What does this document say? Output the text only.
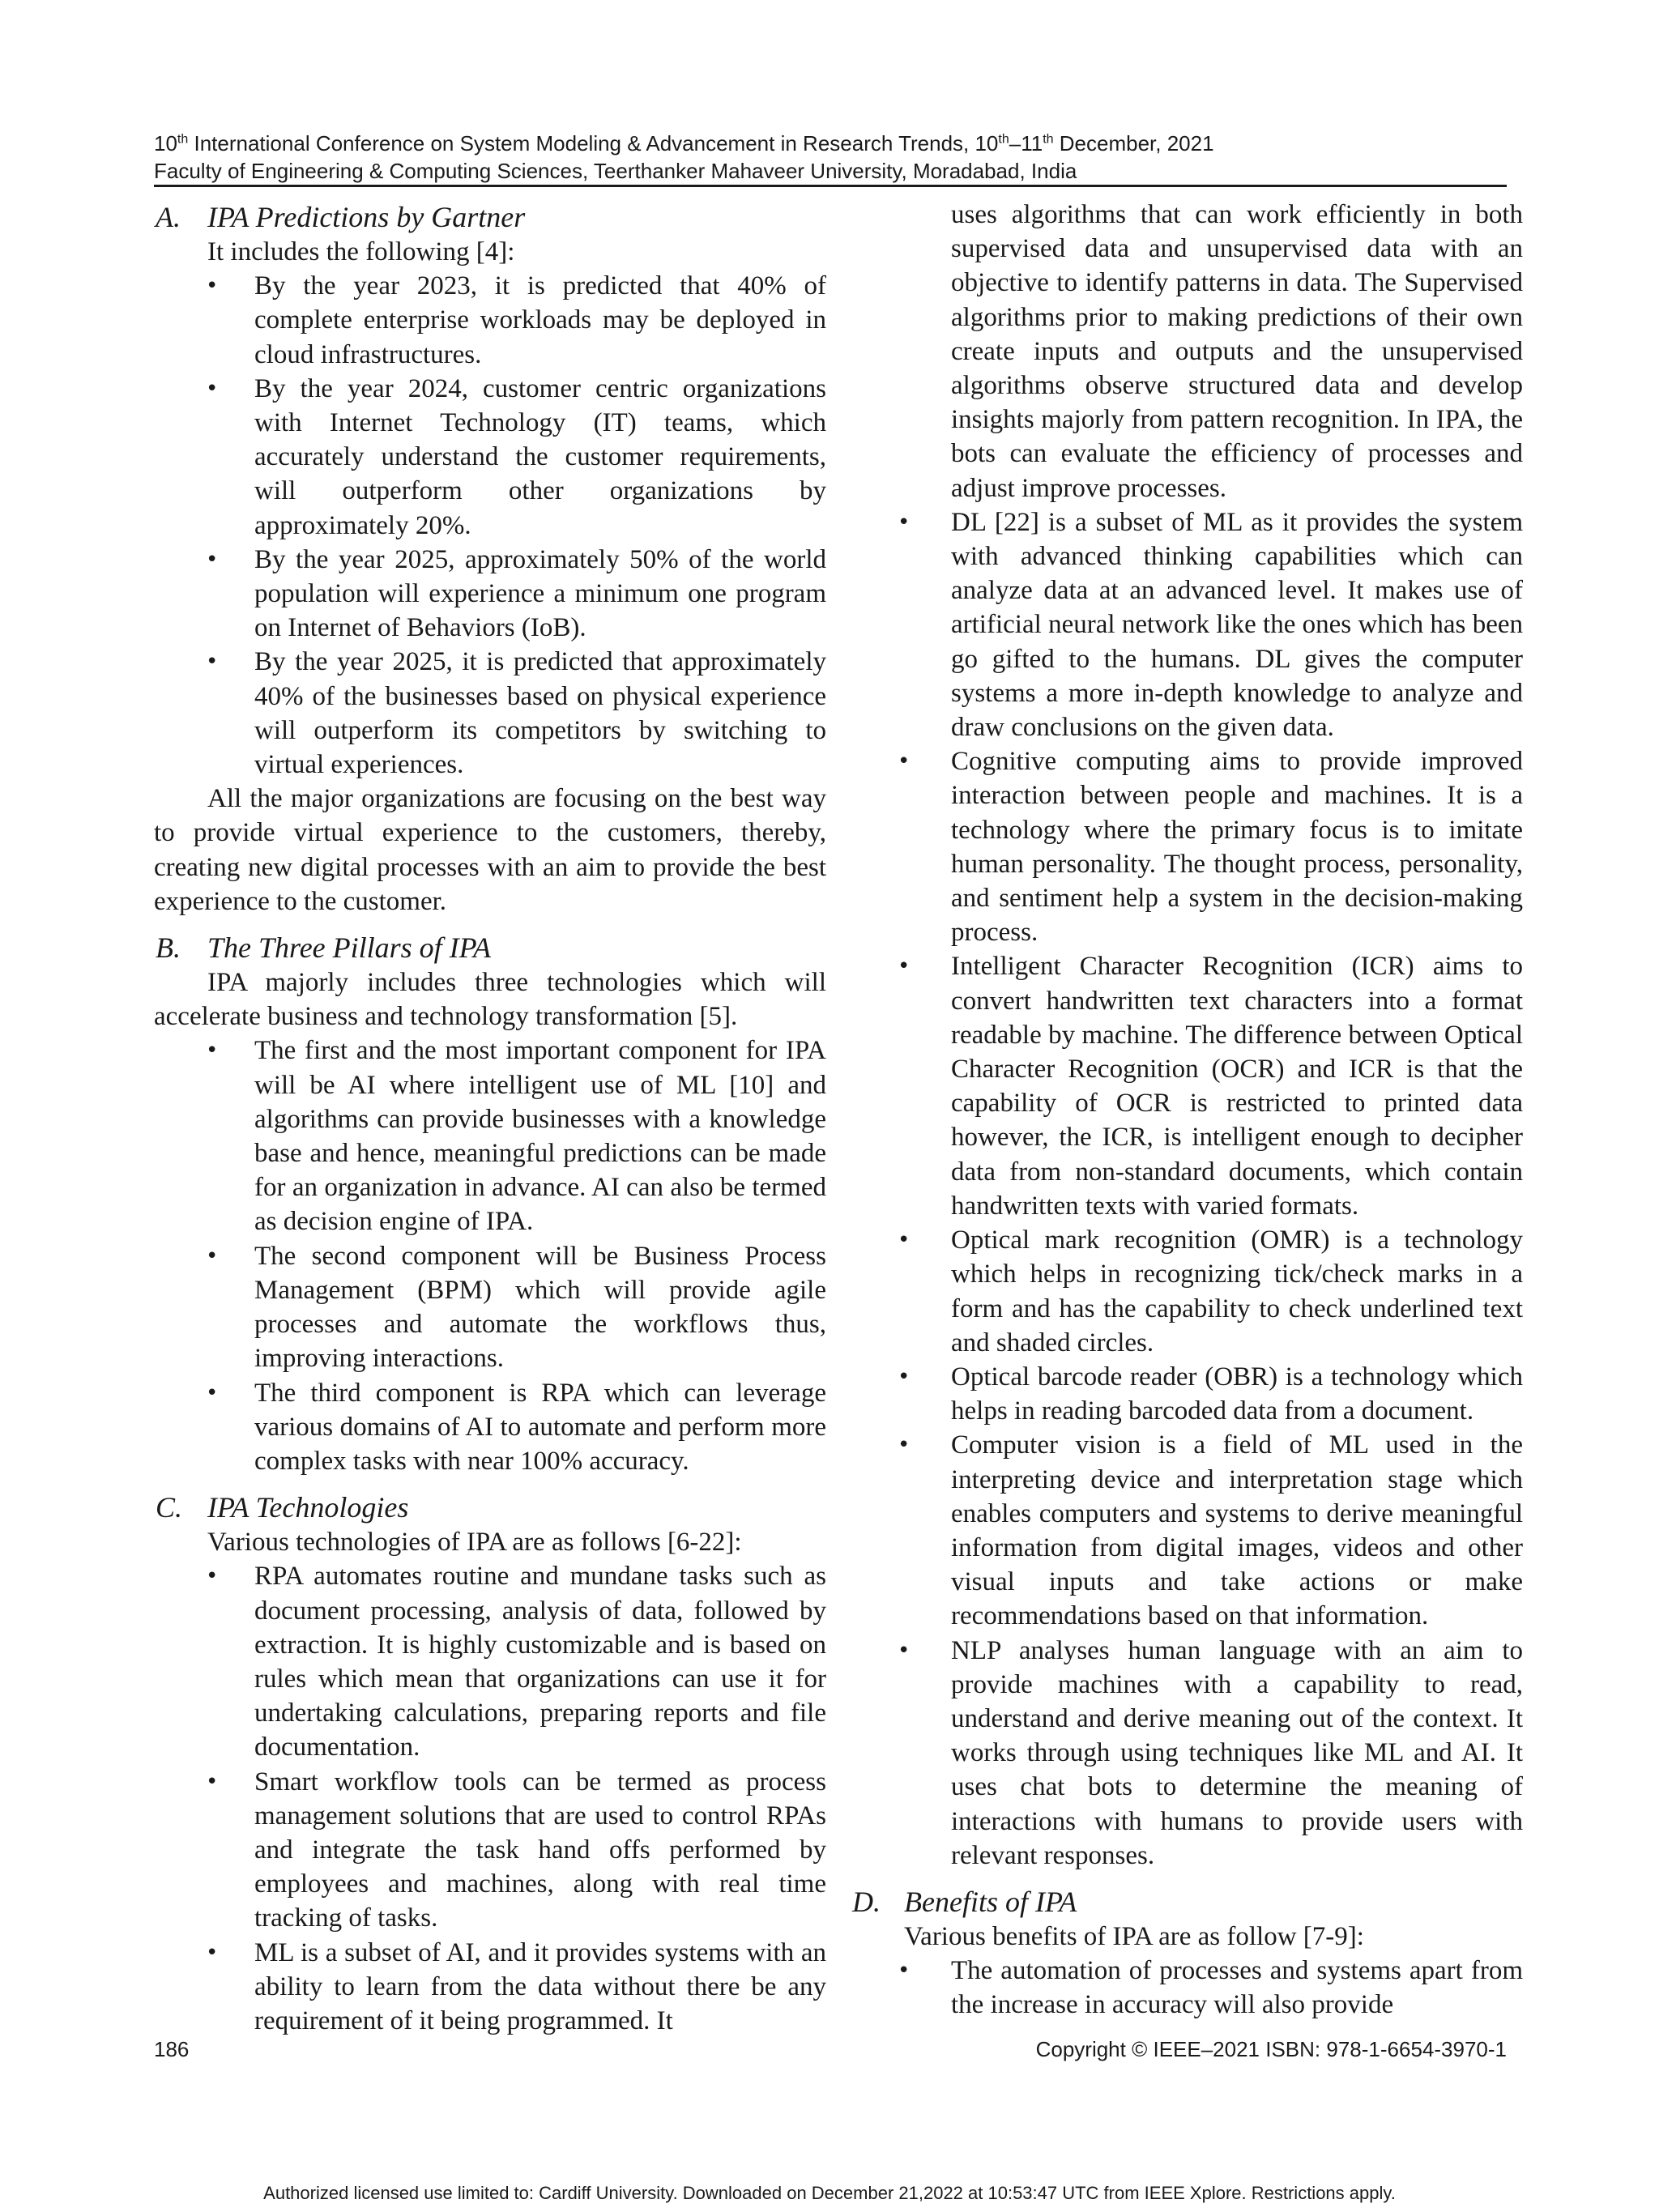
10th International Conference on System Modeling & Advancement in Research Trends, 10th–11th December, 2021
Faculty of Engineering & Computing Sciences, Teerthanker Mahaveer University, Moradabad, India
A. IPA Predictions by Gartner

It includes the following [4]:

• By the year 2023, it is predicted that 40% of complete enterprise workloads may be deployed in cloud infrastructures.
• By the year 2024, customer centric organizations with Internet Technology (IT) teams, which accurately understand the customer requirements, will outperform other organizations by approximately 20%.
• By the year 2025, approximately 50% of the world population will experience a minimum one program on Internet of Behaviors (IoB).
• By the year 2025, it is predicted that approximately 40% of the businesses based on physical experience will outperform its competitors by switching to virtual experiences.

All the major organizations are focusing on the best way to provide virtual experience to the customers, thereby, creating new digital processes with an aim to provide the best experience to the customer.

B. The Three Pillars of IPA

IPA majorly includes three technologies which will accelerate business and technology transformation [5].

• The first and the most important component for IPA will be AI where intelligent use of ML [10] and algorithms can provide businesses with a knowledge base and hence, meaningful predictions can be made for an organization in advance. AI can also be termed as decision engine of IPA.
• The second component will be Business Process Management (BPM) which will provide agile processes and automate the workflows thus, improving interactions.
• The third component is RPA which can leverage various domains of AI to automate and perform more complex tasks with near 100% accuracy.
C. IPA Technologies

Various technologies of IPA are as follows [6-22]:

• RPA automates routine and mundane tasks such as document processing, analysis of data, followed by extraction. It is highly customizable and is based on rules which mean that organizations can use it for undertaking calculations, preparing reports and file documentation.
• Smart workflow tools can be termed as process management solutions that are used to control RPAs and integrate the task hand offs performed by employees and machines, along with real time tracking of tasks.
• ML is a subset of AI, and it provides systems with an ability to learn from the data without there be any requirement of it being programmed. It

uses algorithms that can work efficiently in both supervised data and unsupervised data with an objective to identify patterns in data. The Supervised algorithms prior to making predictions of their own create inputs and outputs and the unsupervised algorithms observe structured data and develop insights majorly from pattern recognition. In IPA, the bots can evaluate the efficiency of processes and adjust improve processes.

• DL [22] is a subset of ML as it provides the system with advanced thinking capabilities which can analyze data at an advanced level. It makes use of artificial neural network like the ones which has been go gifted to the humans. DL gives the computer systems a more in-depth knowledge to analyze and draw conclusions on the given data.
• Cognitive computing aims to provide improved interaction between people and machines. It is a technology where the primary focus is to imitate human personality. The thought process, personality, and sentiment help a system in the decision-making process.
• Intelligent Character Recognition (ICR) aims to convert handwritten text characters into a format readable by machine. The difference between Optical Character Recognition (OCR) and ICR is that the capability of OCR is restricted to printed data however, the ICR, is intelligent enough to decipher data from non-standard documents, which contain handwritten texts with varied formats.
• Optical mark recognition (OMR) is a technology which helps in recognizing tick/check marks in a form and has the capability to check underlined text and shaded circles.
• Optical barcode reader (OBR) is a technology which helps in reading barcoded data from a document.
• Computer vision is a field of ML used in the interpreting device and interpretation stage which enables computers and systems to derive meaningful information from digital images, videos and other visual inputs and take actions or make recommendations based on that information.
• NLP analyses human language with an aim to provide machines with a capability to read, understand and derive meaning out of the context. It works through using techniques like ML and AI. It uses chat bots to determine the meaning of interactions with humans to provide users with relevant responses.
D. Benefits of IPA

Various benefits of IPA are as follow [7-9]:

• The automation of processes and systems apart from the increase in accuracy will also provide
186	Copyright © IEEE–2021 ISBN: 978-1-6654-3970-1
Authorized licensed use limited to: Cardiff University. Downloaded on December 21,2022 at 10:53:47 UTC from IEEE Xplore. Restrictions apply.
